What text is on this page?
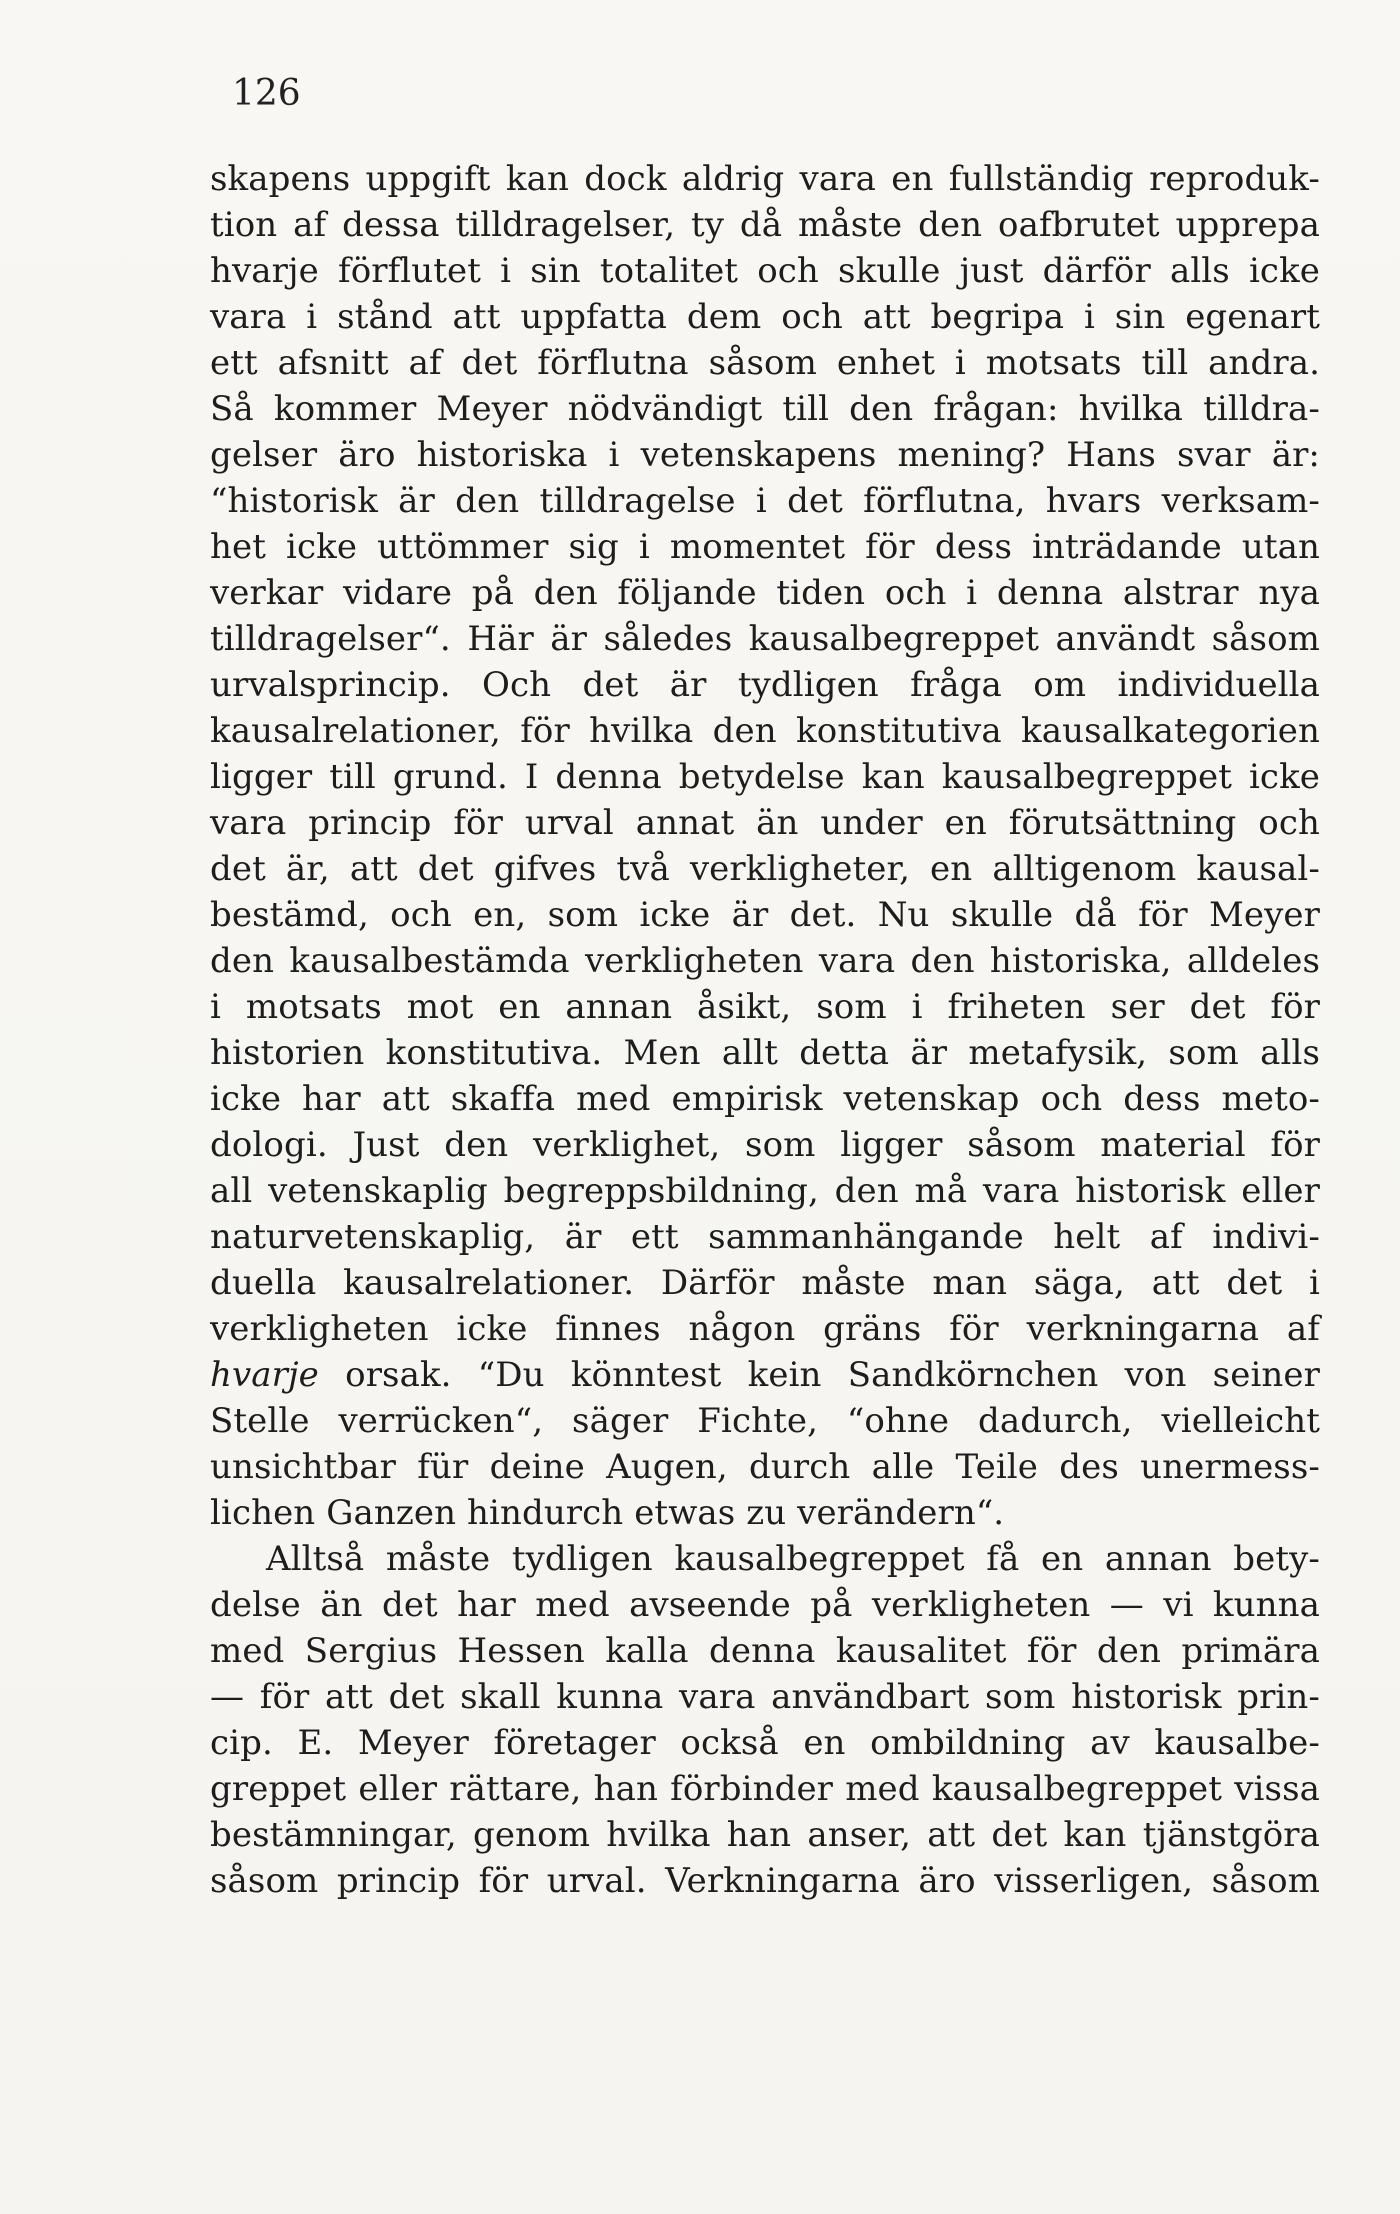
126
skapens uppgift kan dock aldrig vara en fullständig reproduk-
tion af dessa tilldragelser, ty då måste den oafbrutet upprepa
hvarje förflutet i sin totalitet och skulle just därför alls icke
vara i stånd att uppfatta dem och att begripa i sin egenart
ett afsnitt af det förflutna såsom enhet i motsats till andra.
Så kommer Meyer nödvändigt till den frågan: hvilka tilldra-
gelser äro historiska i vetenskapens mening? Hans svar är:
“historisk är den tilldragelse i det förflutna, hvars verksam-
het icke uttömmer sig i momentet för dess inträdande utan
verkar vidare på den följande tiden och i denna alstrar nya
tilldragelser“. Här är således kausalbegreppet användt såsom
urvalsprincip. Och det är tydligen fråga om individuella
kausalrelationer, för hvilka den konstitutiva kausalkategorien
ligger till grund. I denna betydelse kan kausalbegreppet icke
vara princip för urval annat än under en förutsättning och
det är, att det gifves två verkligheter, en alltigenom kausal-
bestämd, och en, som icke är det. Nu skulle då för Meyer
den kausalbestämda verkligheten vara den historiska, alldeles
i motsats mot en annan åsikt, som i friheten ser det för
historien konstitutiva. Men allt detta är metafysik, som alls
icke har att skaffa med empirisk vetenskap och dess meto-
dologi. Just den verklighet, som ligger såsom material för
all vetenskaplig begreppsbildning, den må vara historisk eller
naturvetenskaplig, är ett sammanhängande helt af indivi-
duella kausalrelationer. Därför måste man säga, att det i
verkligheten icke finnes någon gräns för verkningarna af
hvarje orsak. “Du könntest kein Sandkörnchen von seiner
Stelle verrücken“, säger Fichte, “ohne dadurch, vielleicht
unsichtbar für deine Augen, durch alle Teile des unermess-
lichen Ganzen hindurch etwas zu verändern“.
Alltså måste tydligen kausalbegreppet få en annan bety-
delse än det har med avseende på verkligheten — vi kunna
med Sergius Hessen kalla denna kausalitet för den primära
— för att det skall kunna vara användbart som historisk prin-
cip. E. Meyer företager också en ombildning av kausalbe-
greppet eller rättare, han förbinder med kausalbegreppet vissa
bestämningar, genom hvilka han anser, att det kan tjänstgöra
såsom princip för urval. Verkningarna äro visserligen, såsom
